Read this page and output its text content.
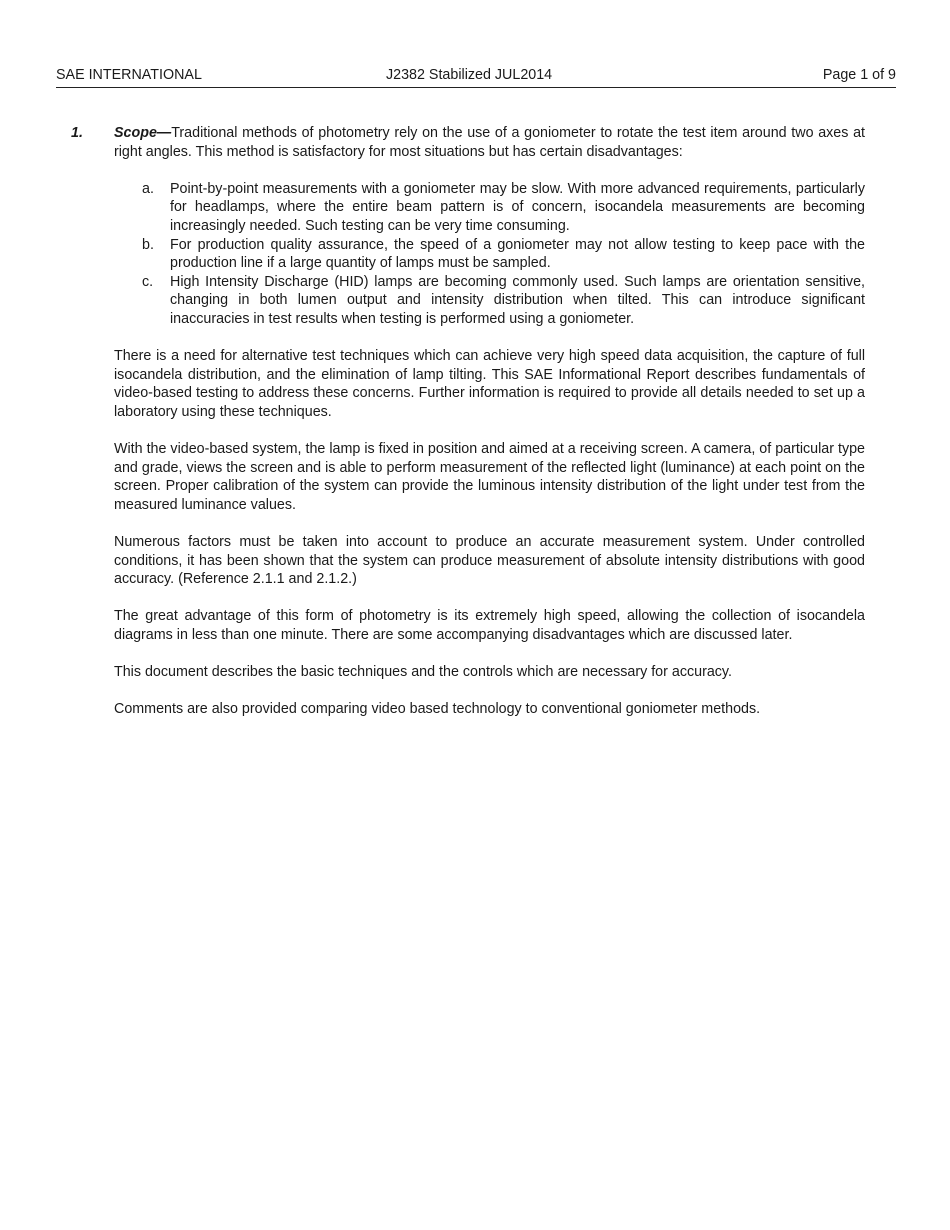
SAE INTERNATIONAL	J2382 Stabilized JUL2014	Page 1 of 9
1. Scope—Traditional methods of photometry rely on the use of a goniometer to rotate the test item around two axes at right angles. This method is satisfactory for most situations but has certain disadvantages:

a. Point-by-point measurements with a goniometer may be slow. With more advanced requirements, particularly for headlamps, where the entire beam pattern is of concern, isocandela measurements are becoming increasingly needed. Such testing can be very time consuming.
b. For production quality assurance, the speed of a goniometer may not allow testing to keep pace with the production line if a large quantity of lamps must be sampled.
c. High Intensity Discharge (HID) lamps are becoming commonly used. Such lamps are orientation sensitive, changing in both lumen output and intensity distribution when tilted. This can introduce significant inaccuracies in test results when testing is performed using a goniometer.

There is a need for alternative test techniques which can achieve very high speed data acquisition, the capture of full isocandela distribution, and the elimination of lamp tilting. This SAE Informational Report describes fundamentals of video-based testing to address these concerns. Further information is required to provide all details needed to set up a laboratory using these techniques.

With the video-based system, the lamp is fixed in position and aimed at a receiving screen. A camera, of particular type and grade, views the screen and is able to perform measurement of the reflected light (luminance) at each point on the screen. Proper calibration of the system can provide the luminous intensity distribution of the light under test from the measured luminance values.

Numerous factors must be taken into account to produce an accurate measurement system. Under controlled conditions, it has been shown that the system can produce measurement of absolute intensity distributions with good accuracy. (Reference 2.1.1 and 2.1.2.)

The great advantage of this form of photometry is its extremely high speed, allowing the collection of isocandela diagrams in less than one minute. There are some accompanying disadvantages which are discussed later.

This document describes the basic techniques and the controls which are necessary for accuracy.

Comments are also provided comparing video based technology to conventional goniometer methods.
